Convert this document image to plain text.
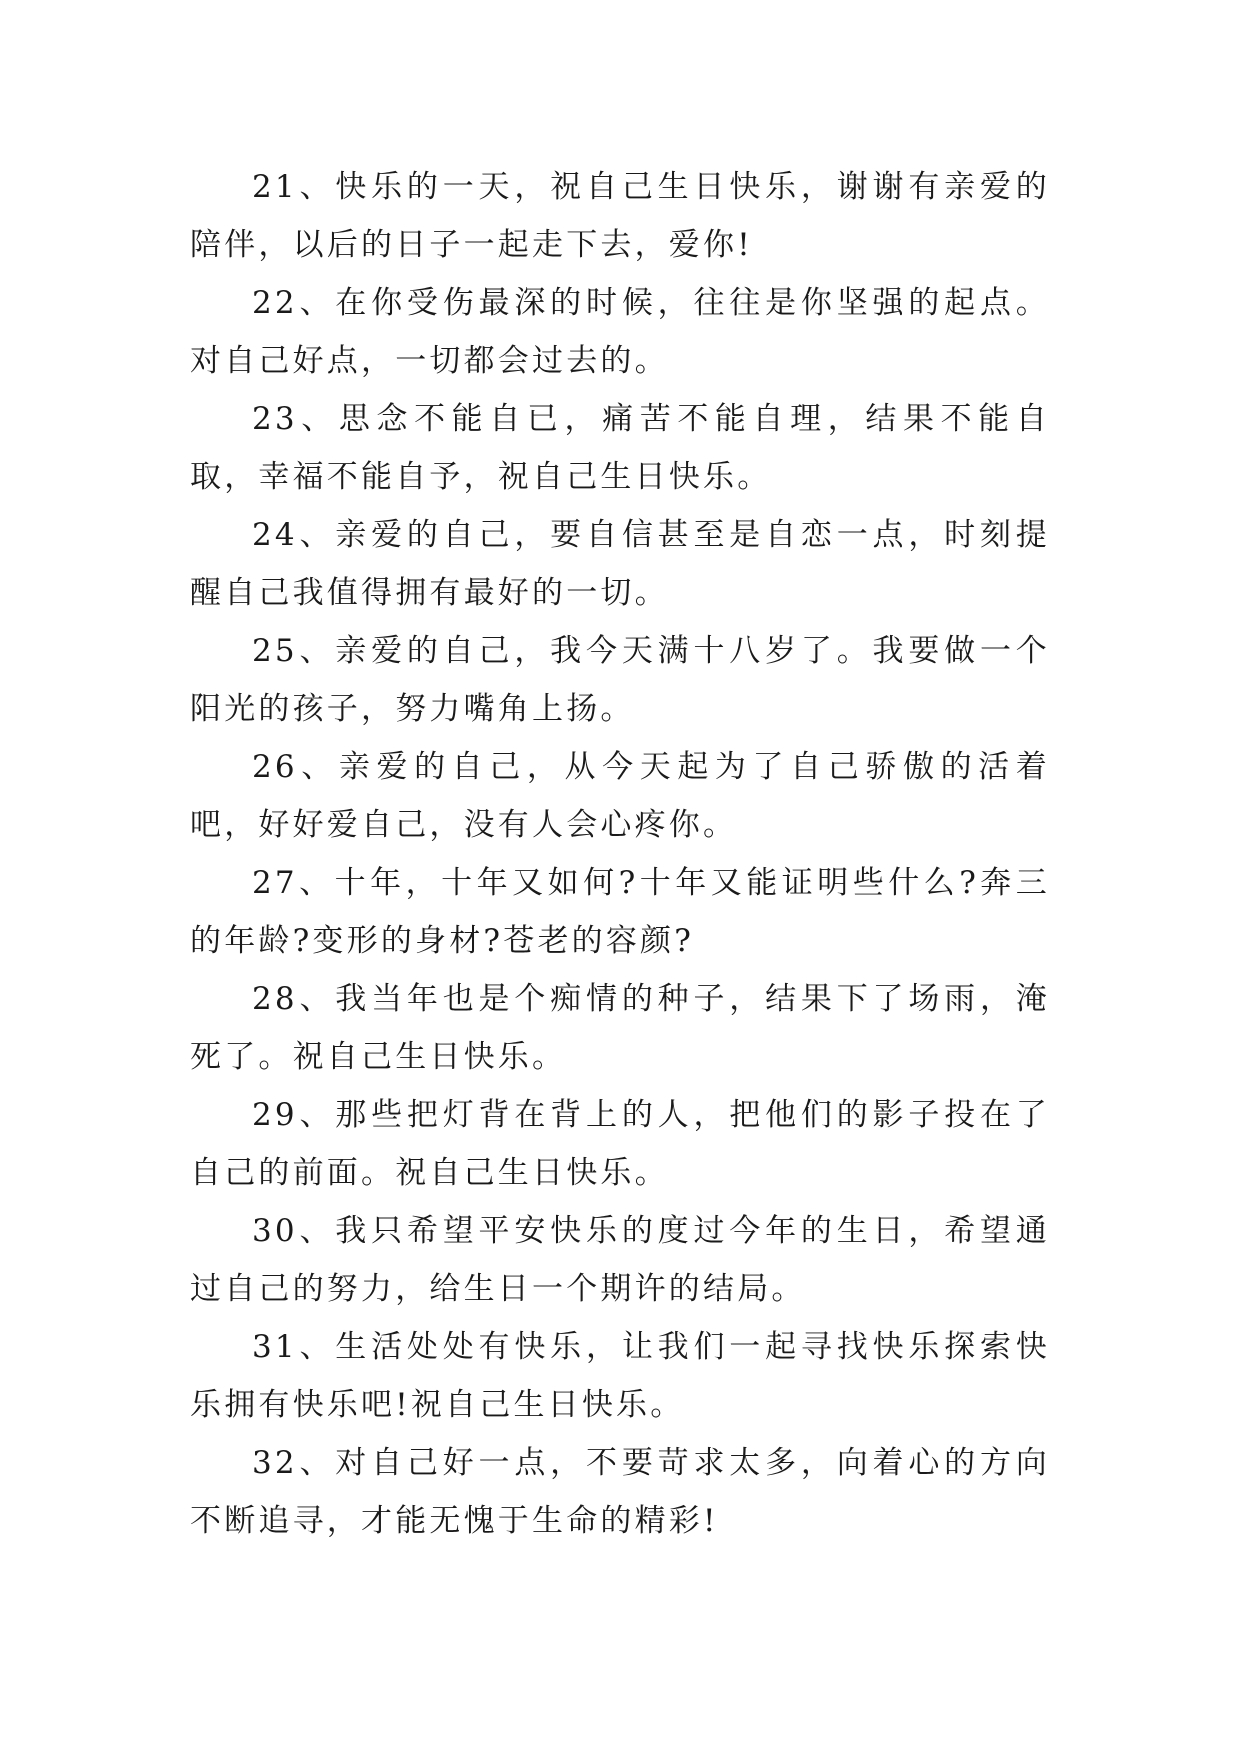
21、快乐的一天，祝自己生日快乐，谢谢有亲爱的陪伴，以后的日子一起走下去，爱你!

22、在你受伤最深的时候，往往是你坚强的起点。对自己好点，一切都会过去的。

23、思念不能自已，痛苦不能自理，结果不能自取，幸福不能自予，祝自己生日快乐。

24、亲爱的自己，要自信甚至是自恋一点，时刻提醒自己我值得拥有最好的一切。

25、亲爱的自己，我今天满十八岁了。我要做一个阳光的孩子，努力嘴角上扬。

26、亲爱的自己，从今天起为了自己骄傲的活着吧，好好爱自己，没有人会心疼你。

27、十年，十年又如何?十年又能证明些什么?奔三的年龄?变形的身材?苍老的容颜?

28、我当年也是个痴情的种子，结果下了场雨，淹死了。祝自己生日快乐。

29、那些把灯背在背上的人，把他们的影子投在了自己的前面。祝自己生日快乐。

30、我只希望平安快乐的度过今年的生日，希望通过自己的努力，给生日一个期许的结局。

31、生活处处有快乐，让我们一起寻找快乐探索快乐拥有快乐吧!祝自己生日快乐。

32、对自己好一点，不要苛求太多，向着心的方向不断追寻，才能无愧于生命的精彩!
